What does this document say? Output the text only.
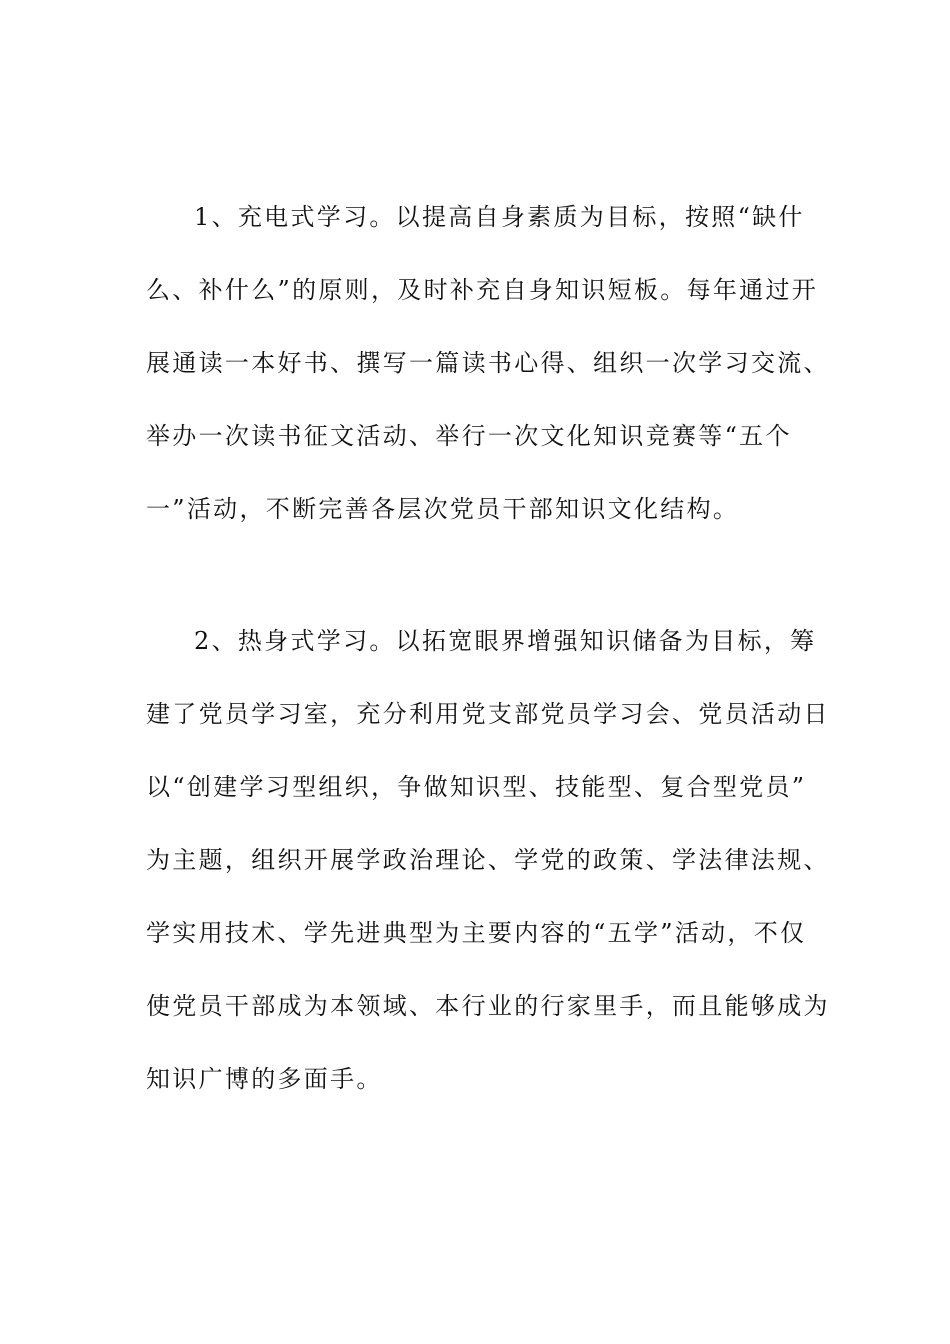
1、充电式学习。以提高自身素质为目标，按照“缺什
么、补什么”的原则，及时补充自身知识短板。每年通过开
展通读一本好书、撰写一篇读书心得、组织一次学习交流、
举办一次读书征文活动、举行一次文化知识竞赛等“五个
一”活动，不断完善各层次党员干部知识文化结构。
2、热身式学习。以拓宽眼界增强知识储备为目标，筹
建了党员学习室，充分利用党支部党员学习会、党员活动日
以“创建学习型组织，争做知识型、技能型、复合型党员”
为主题，组织开展学政治理论、学党的政策、学法律法规、
学实用技术、学先进典型为主要内容的“五学”活动，不仅
使党员干部成为本领域、本行业的行家里手，而且能够成为
知识广博的多面手。
